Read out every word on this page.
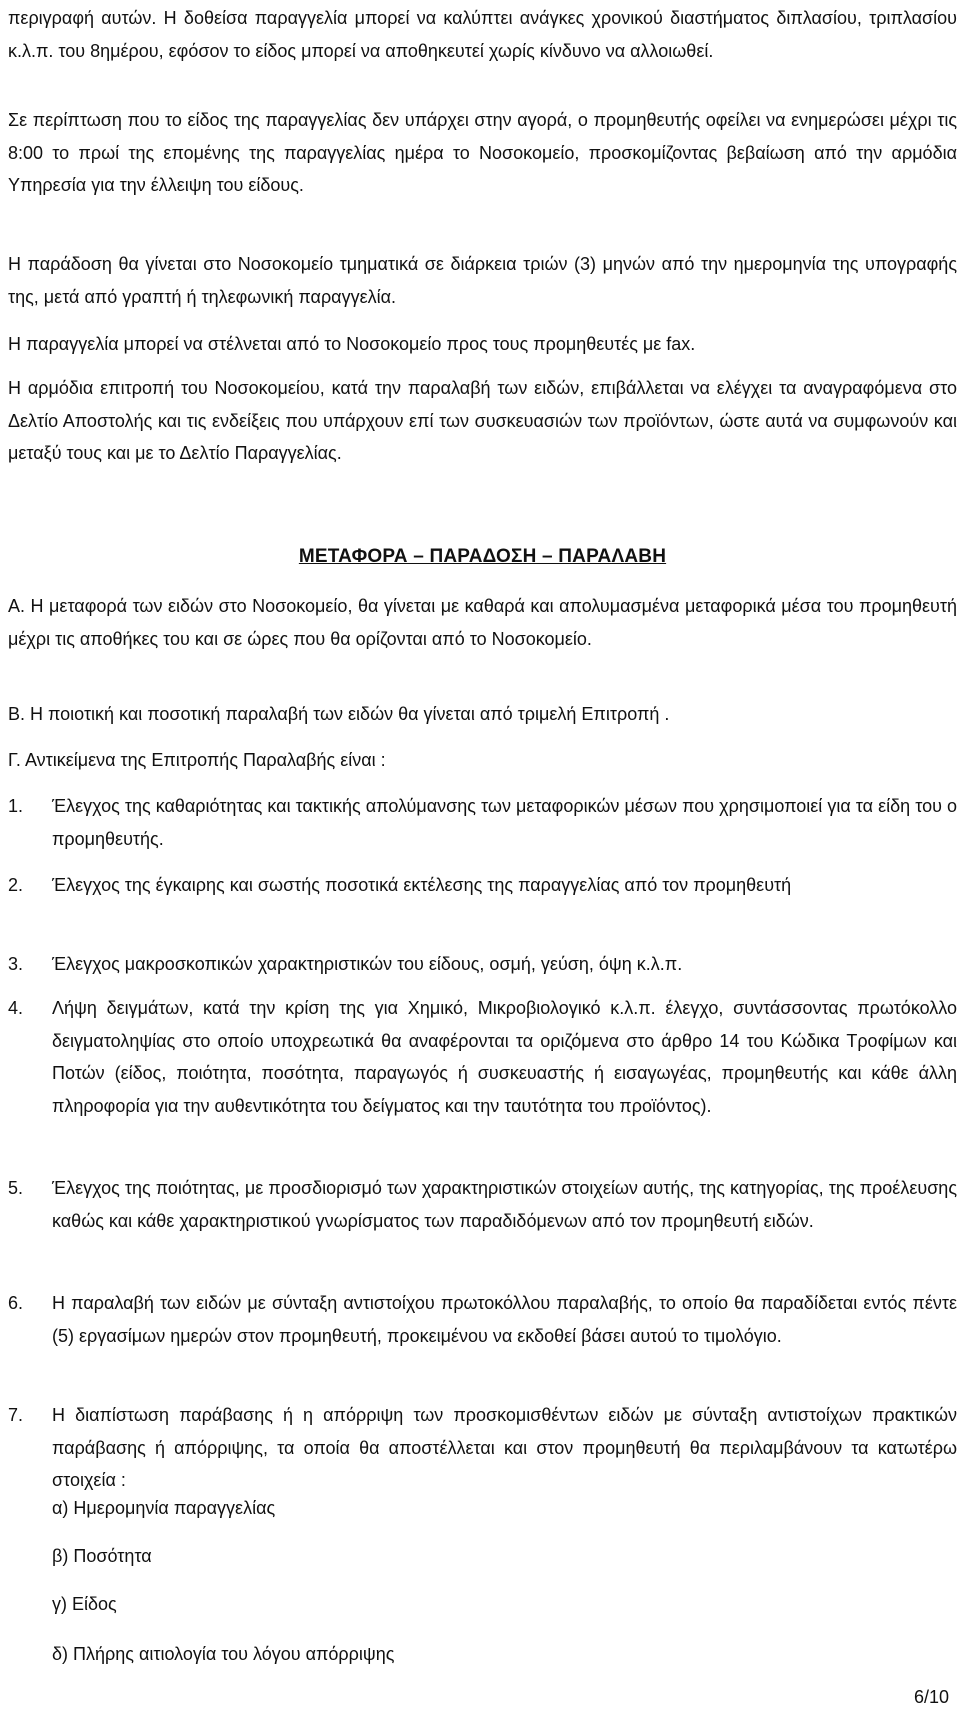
περιγραφή αυτών. Η δοθείσα παραγγελία μπορεί να καλύπτει ανάγκες χρονικού διαστήματος διπλασίου, τριπλασίου κ.λ.π. του 8ημέρου, εφόσον το είδος μπορεί να αποθηκευτεί χωρίς κίνδυνο να αλλοιωθεί.

Σε περίπτωση που το είδος της παραγγελίας δεν υπάρχει στην αγορά, ο προμηθευτής οφείλει να ενημερώσει μέχρι τις 8:00 το πρωί της επομένης της παραγγελίας ημέρα το Νοσοκομείο, προσκομίζοντας βεβαίωση από την αρμόδια Υπηρεσία για την έλλειψη του είδους.

Η παράδοση θα γίνεται στο Νοσοκομείο τμηματικά σε διάρκεια τριών (3) μηνών από την ημερομηνία της υπογραφής της, μετά από γραπτή ή τηλεφωνική παραγγελία.

Η παραγγελία μπορεί να στέλνεται από το Νοσοκομείο προς τους προμηθευτές με fax.

Η αρμόδια επιτροπή του Νοσοκομείου, κατά την παραλαβή των ειδών, επιβάλλεται να ελέγχει τα αναγραφόμενα στο Δελτίο Αποστολής και τις ενδείξεις που υπάρχουν επί των συσκευασιών των προϊόντων, ώστε αυτά να συμφωνούν και μεταξύ τους και με το Δελτίο Παραγγελίας.

ΜΕΤΑΦΟΡΑ – ΠΑΡΑΔΟΣΗ – ΠΑΡΑΛΑΒΗ

Α. Η μεταφορά των ειδών στο Νοσοκομείο, θα γίνεται με καθαρά και απολυμασμένα μεταφορικά μέσα του προμηθευτή μέχρι τις αποθήκες του και σε ώρες που θα ορίζονται από το Νοσοκομείο.

Β. Η ποιοτική και ποσοτική παραλαβή των ειδών θα γίνεται από τριμελή Επιτροπή .

Γ. Αντικείμενα της Επιτροπής Παραλαβής είναι :

1.	Έλεγχος της καθαριότητας και τακτικής απολύμανσης των μεταφορικών μέσων που χρησιμοποιεί για τα είδη του ο προμηθευτής.
2.	Έλεγχος της έγκαιρης και σωστής ποσοτικά εκτέλεσης της παραγγελίας από τον προμηθευτή
3.	Έλεγχος μακροσκοπικών χαρακτηριστικών του είδους, οσμή, γεύση, όψη κ.λ.π.
4.	Λήψη δειγμάτων, κατά την κρίση της για Χημικό, Μικροβιολογικό κ.λ.π. έλεγχο, συντάσσοντας πρωτόκολλο δειγματοληψίας στο οποίο υποχρεωτικά θα αναφέρονται τα οριζόμενα στο άρθρο 14 του Κώδικα Τροφίμων και Ποτών (είδος, ποιότητα, ποσότητα, παραγωγός ή συσκευαστής ή εισαγωγέας, προμηθευτής και κάθε άλλη πληροφορία για την αυθεντικότητα του δείγματος και την ταυτότητα του προϊόντος).
5.	Έλεγχος της ποιότητας, με προσδιορισμό των χαρακτηριστικών στοιχείων αυτής, της κατηγορίας, της προέλευσης καθώς και κάθε χαρακτηριστικού γνωρίσματος των παραδιδόμενων από τον προμηθευτή ειδών.
6.	Η παραλαβή των ειδών με σύνταξη αντιστοίχου πρωτοκόλλου παραλαβής, το οποίο θα παραδίδεται εντός πέντε (5) εργασίμων ημερών στον προμηθευτή, προκειμένου να εκδοθεί βάσει αυτού το τιμολόγιο.
7.	Η διαπίστωση παράβασης ή η απόρριψη των προσκομισθέντων ειδών με σύνταξη αντιστοίχων πρακτικών παράβασης ή απόρριψης, τα οποία θα αποστέλλεται και στον προμηθευτή θα περιλαμβάνουν τα κατωτέρω στοιχεία :
α) Ημερομηνία παραγγελίας
β) Ποσότητα
γ) Είδος
δ) Πλήρης αιτιολογία του λόγου απόρριψης
6/10
